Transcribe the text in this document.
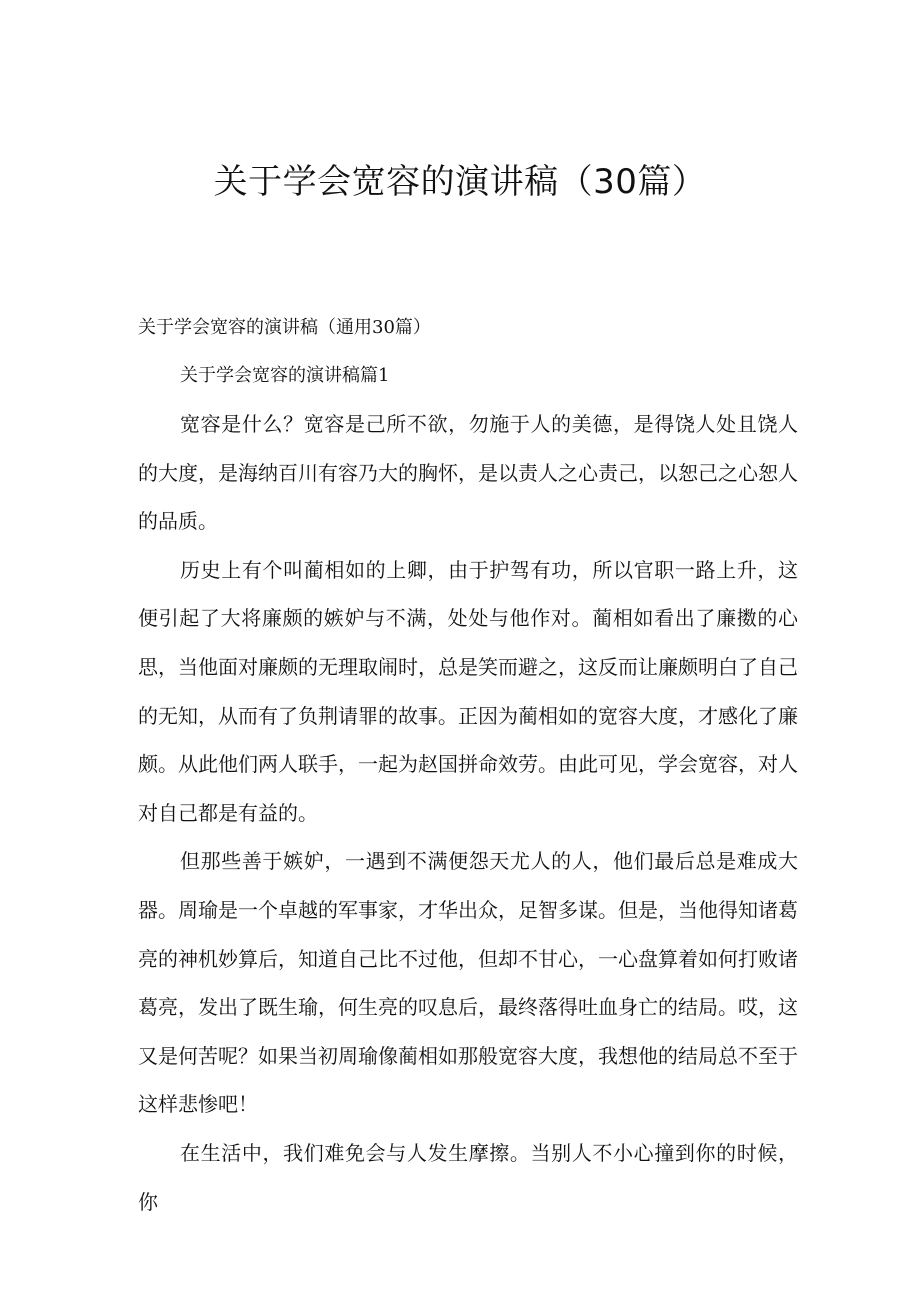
关于学会宽容的演讲稿（30篇）
关于学会宽容的演讲稿（通用30篇）
关于学会宽容的演讲稿篇1

宽容是什么？宽容是己所不欲，勿施于人的美德，是得饶人处且饶人的大度，是海纳百川有容乃大的胸怀，是以责人之心责己，以恕己之心恕人的品质。

历史上有个叫蔺相如的上卿，由于护驾有功，所以官职一路上升，这便引起了大将廉颇的嫉妒与不满，处处与他作对。蔺相如看出了廉擞的心思，当他面对廉颇的无理取闹时，总是笑而避之，这反而让廉颇明白了自己的无知，从而有了负荆请罪的故事。正因为蔺相如的宽容大度，才感化了廉颇。从此他们两人联手，一起为赵国拼命效劳。由此可见，学会宽容，对人对自己都是有益的。

但那些善于嫉妒，一遇到不满便怨天尤人的人，他们最后总是难成大器。周瑜是一个卓越的军事家，才华出众，足智多谋。但是，当他得知诸葛亮的神机妙算后，知道自己比不过他，但却不甘心，一心盘算着如何打败诸葛亮，发出了既生瑜，何生亮的叹息后，最终落得吐血身亡的结局。哎，这又是何苦呢？如果当初周瑜像蔺相如那般宽容大度，我想他的结局总不至于这样悲惨吧！

在生活中，我们难免会与人发生摩擦。当别人不小心撞到你的时候，你
